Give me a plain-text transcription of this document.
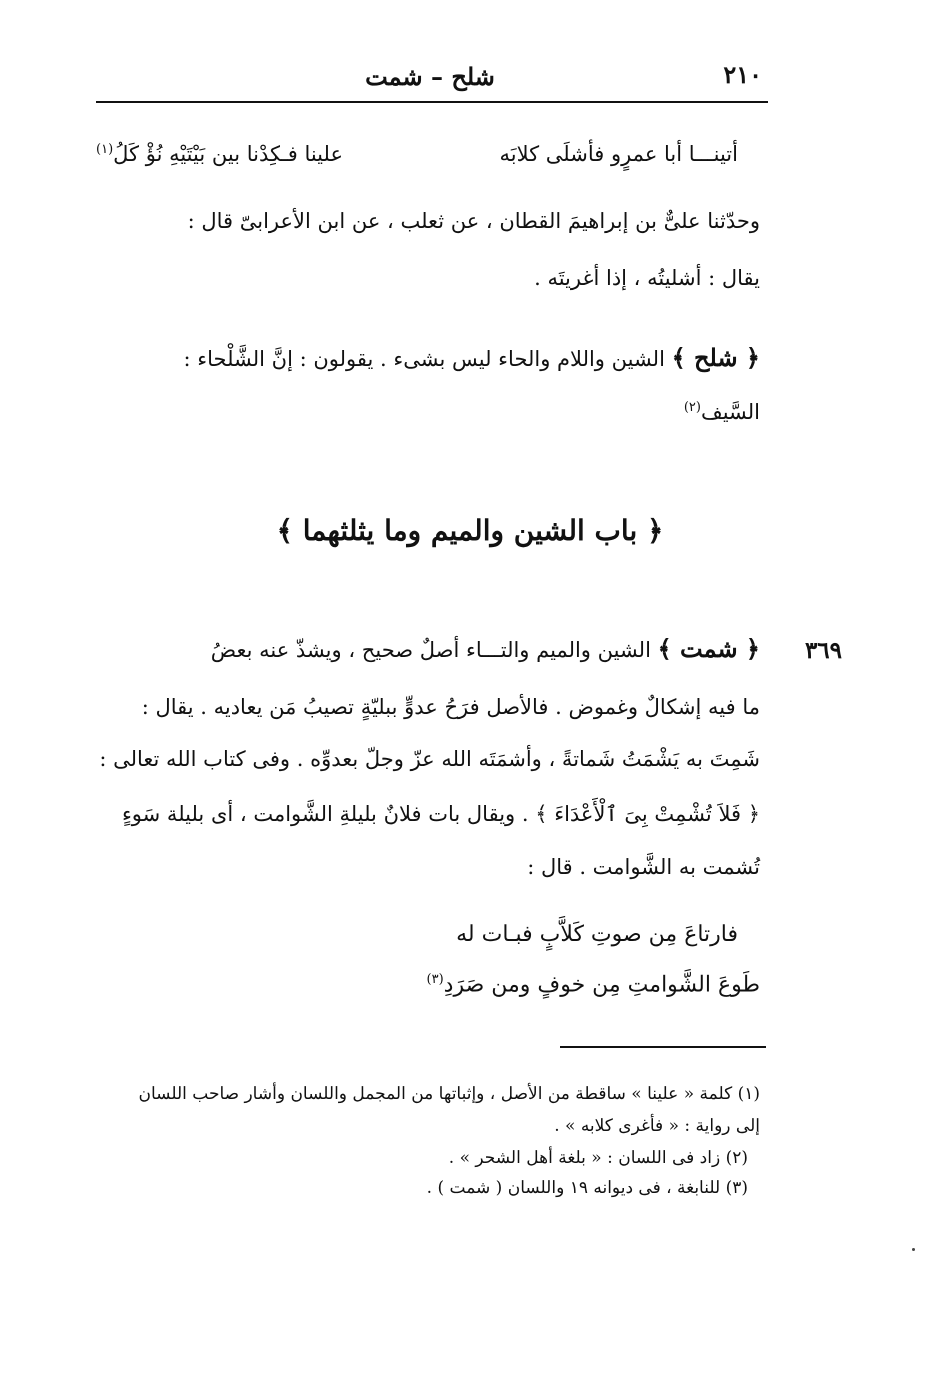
شلح – شمت	٢١٠
أتينـــا أبا عمرٍو فأشلَى كلابَه
علينا فـكِدْنا بين بَيْتَيْهِ نُؤْ كَلُ$^{(١)}$
وحدّثنا علىٌّ بن إبراهيمَ القطان ، عن ثعلب ، عن ابن الأعرابىّ قال :
يقال : أشليتُه ، إذا أغريتَه .
﴿ شلح ﴾ الشين واللام والحاء ليس بشىء . يقولون : إنَّ الشَّلْحاء :
السَّيف$^{(٢)}$
﴿ باب الشين والميم وما يثلثهما ﴾
٣٦٩
﴿ شمت ﴾ الشين والميم والتـــاء أصلٌ صحيح ، ويشذّ عنه بعضُ
ما فيه إشكالٌ وغموض . فالأصل فرَحُ عدوٍّ ببليّةٍ تصيبُ مَن يعاديه . يقال :
شَمِتَ به يَشْمَتُ شَماتةً ، وأشمَتَه الله عزّ وجلّ بعدوِّه . وفى كتاب الله تعالى :
﴿ فَلاَ تُشْمِتْ بِىَ ٱلْأَعْدَاءَ ﴾ . ويقال بات فلانٌ بليلةِ الشَّوامت ، أى بليلة سَوءٍ
تُشمت به الشَّوامت . قال :
فارتاعَ مِن صوتِ كَلاَّبٍ فبـات له
طَوعَ الشَّوامتِ مِن خوفٍ ومن صَرَدِ$^{(٣)}$
(١) كلمة « علينا » ساقطة من الأصل ، وإثباتها من المجمل واللسان وأشار صاحب اللسان
إلى رواية : « فأغرى كلابه » .
(٢) زاد فى اللسان : « بلغة أهل الشحر » .
(٣) للنابغة ، فى ديوانه ١٩ واللسان ( شمت ) .
